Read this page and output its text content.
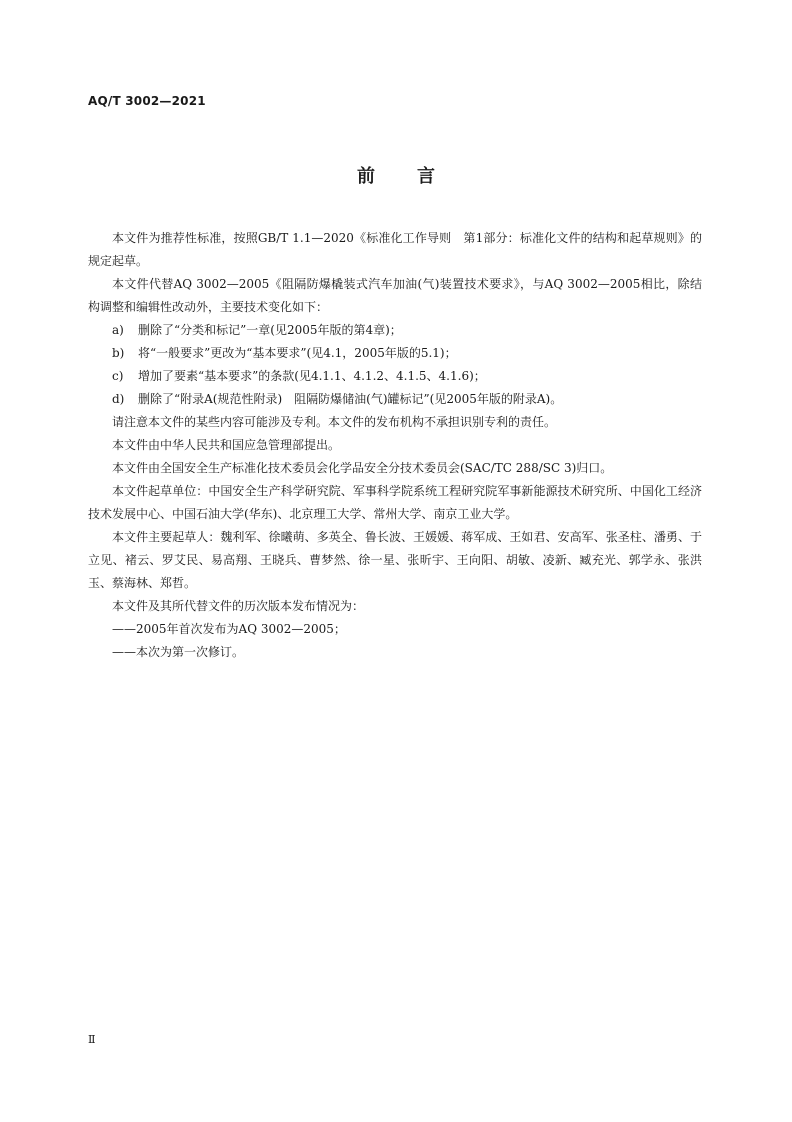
AQ/T 3002—2021
前言

本文件为推荐性标准，按照GB/T 1.1—2020《标准化工作导则　第1部分：标准化文件的结构和起草规则》的规定起草。

本文件代替AQ 3002—2005《阻隔防爆橇装式汽车加油(气)装置技术要求》，与AQ 3002—2005相比，除结构调整和编辑性改动外，主要技术变化如下：

a) 删除了“分类和标记”一章(见2005年版的第4章)；

b) 将“一般要求”更改为“基本要求”(见4.1，2005年版的5.1)；

c) 增加了要素“基本要求”的条款(见4.1.1、4.1.2、4.1.5、4.1.6)；

d) 删除了“附录A(规范性附录)　阻隔防爆储油(气)罐标记”(见2005年版的附录A)。

请注意本文件的某些内容可能涉及专利。本文件的发布机构不承担识别专利的责任。

本文件由中华人民共和国应急管理部提出。

本文件由全国安全生产标准化技术委员会化学品安全分技术委员会(SAC/TC 288/SC 3)归口。

本文件起草单位：中国安全生产科学研究院、军事科学院系统工程研究院军事新能源技术研究所、中国化工经济技术发展中心、中国石油大学(华东)、北京理工大学、常州大学、南京工业大学。

本文件主要起草人：魏利军、徐曦萌、多英全、鲁长波、王媛媛、蒋军成、王如君、安高军、张圣柱、潘勇、于立见、褚云、罗艾民、易高翔、王晓兵、曹梦然、徐一星、张昕宇、王向阳、胡敏、凌新、臧充光、郭学永、张洪玉、蔡海林、郑哲。

本文件及其所代替文件的历次版本发布情况为：

——2005年首次发布为AQ 3002—2005；

——本次为第一次修订。

Ⅱ
